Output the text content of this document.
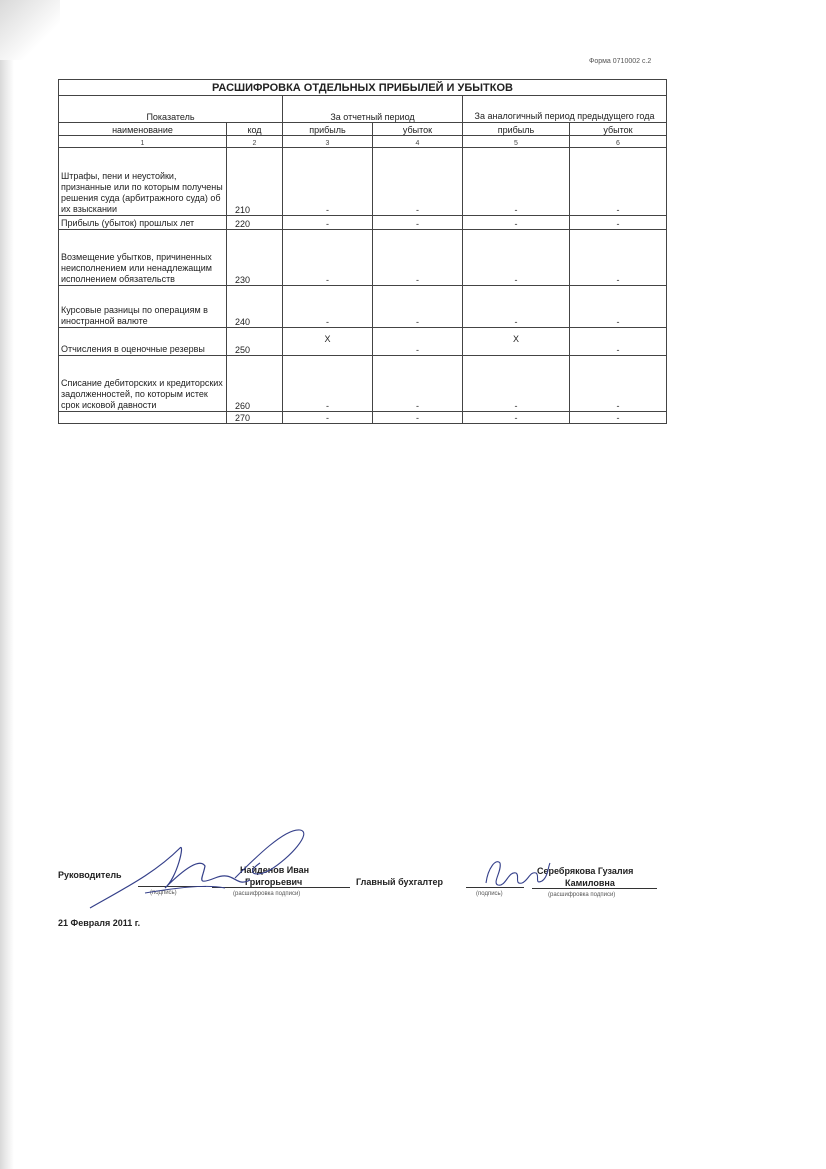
Форма 0710002 с.2
РАСШИФРОВКА ОТДЕЛЬНЫХ ПРИБЫЛЕЙ И УБЫТКОВ					
Показатель		За отчетный период		За аналогичный период предыдущего года	
наименование	код	прибыль	убыток	прибыль	убыток
1	2	3	4	5	6
Штрафы, пени и неустойки, признанные или по которым получены решения суда (арбитражного суда) об их взыскании	210	-	-	-	-
Прибыль (убыток) прошлых лет	220	-	-	-	-
Возмещение убытков, причиненных неисполнением или ненадлежащим исполнением обязательств	230	-	-	-	-
Курсовые разницы по операциям в иностранной валюте	240	-	-	-	-
Отчисления в оценочные резервы	250	X	-	X	-
Списание дебиторских и кредиторских задолженностей, по которым истек срок исковой давности	260	-	-	-	-
	270	-	-	-	-
Руководитель
(подпись)
Найденов Иван
Григорьевич
(расшифровка подписи)
Главный бухгалтер
(подпись)
Серебрякова Гузалия
Камиловна
(расшифровка подписи)
21 Февраля 2011 г.
